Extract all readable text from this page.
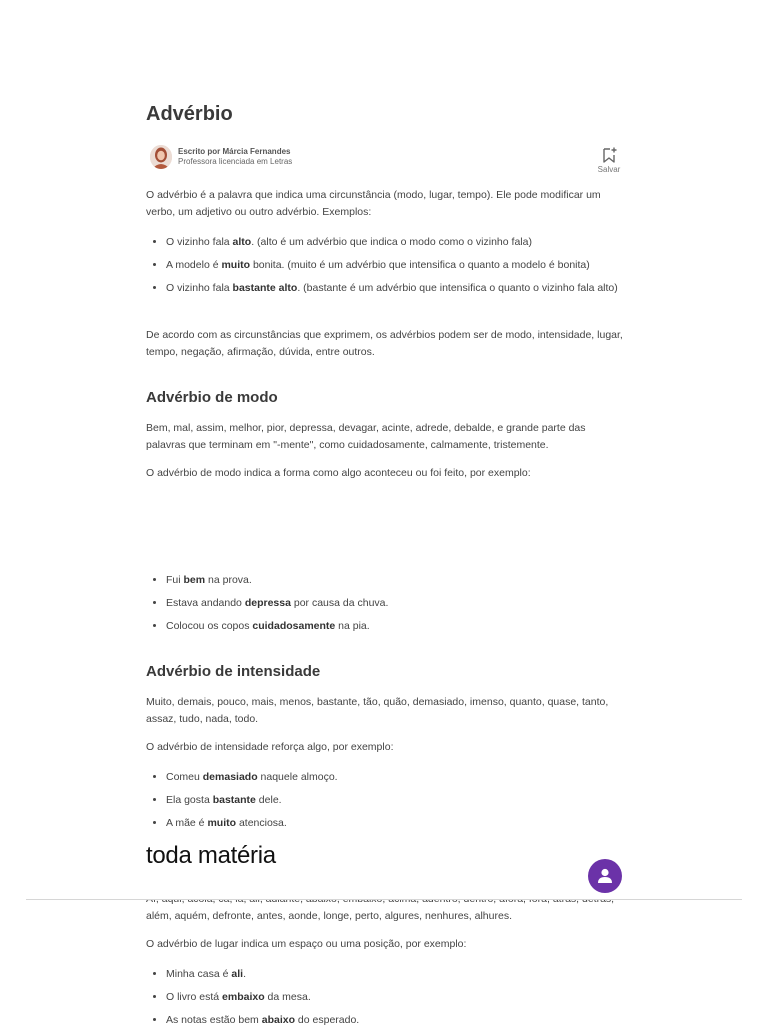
Advérbio
Escrito por Márcia Fernandes
Professora licenciada em Letras
Salvar

O advérbio é a palavra que indica uma circunstância (modo, lugar, tempo). Ele pode modificar um verbo, um adjetivo ou outro advérbio. Exemplos:

• O vizinho fala alto. (alto é um advérbio que indica o modo como o vizinho fala)
• A modelo é muito bonita. (muito é um advérbio que intensifica o quanto a modelo é bonita)
• O vizinho fala bastante alto. (bastante é um advérbio que intensifica o quanto o vizinho fala alto)

De acordo com as circunstâncias que exprimem, os advérbios podem ser de modo, intensidade, lugar, tempo, negação, afirmação, dúvida, entre outros.

Advérbio de modo

Bem, mal, assim, melhor, pior, depressa, devagar, acinte, adrede, debalde, e grande parte das palavras que terminam em "-mente", como cuidadosamente, calmamente, tristemente.

O advérbio de modo indica a forma como algo aconteceu ou foi feito, por exemplo:

• Fui bem na prova.
• Estava andando depressa por causa da chuva.
• Colocou os copos cuidadosamente na pia.
Advérbio de intensidade

Muito, demais, pouco, mais, menos, bastante, tão, quão, demasiado, imenso, quanto, quase, tanto, assaz, tudo, nada, todo.

O advérbio de intensidade reforça algo, por exemplo:

• Comeu demasiado naquele almoço.
• Ela gosta bastante dele.
• A mãe é muito atenciosa.

além, aquém, defronte, antes, aonde, longe, perto, algures, nenhures, alhures.

O advérbio de lugar indica um espaço ou uma posição, por exemplo:

• Minha casa é ali.
• O livro está embaixo da mesa.
• As notas estão bem abaixo do esperado.
toda matéria
